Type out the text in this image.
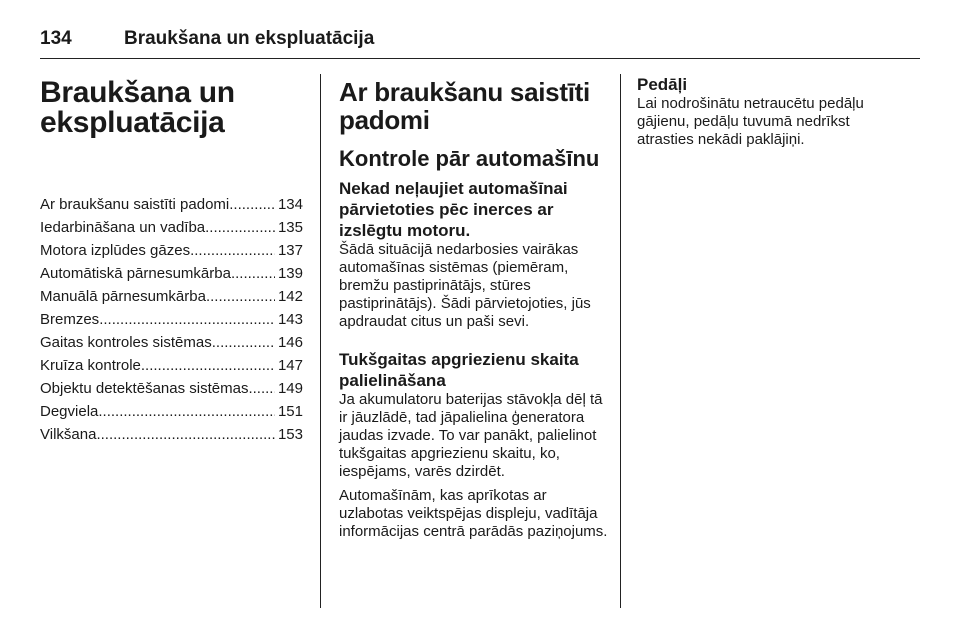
134	Braukšana un ekspluatācija
Braukšana un ekspluatācija
Ar braukšanu saistīti padomi .....	134
Iedarbināšana un vadība .....	135
Motora izplūdes gāzes .....	137
Automātiskā pārnesumkārba .....	139
Manuālā pārnesumkārba .....	142
Bremzes .....	143
Gaitas kontroles sistēmas .....	146
Kruīza kontrole .....	147
Objektu detektēšanas sistēmas ..... 149
Degviela .....	151
Vilkšana .....	153
Ar braukšanu saistīti padomi
Kontrole pār automašīnu
Nekad neļaujiet automašīnai pārvietoties pēc inerces ar izslēgtu motoru.
Šādā situācijā nedarbosies vairākas automašīnas sistēmas (piemēram, bremžu pastiprinātājs, stūres pastiprinātājs). Šādi pārvietojoties, jūs apdraudat citus un paši sevi.
Tukšgaitas apgriezienu skaita palielināšana
Ja akumulatoru baterijas stāvokļa dēļ tā ir jāuzlādē, tad jāpalielina ģeneratora jaudas izvade. To var panākt, palielinot tukšgaitas apgriezienu skaitu, ko, iespējams, varēs dzirdēt.
Automašīnām, kas aprīkotas ar uzlabotas veiktspējas displeju, vadītāja informācijas centrā parādās paziņojums.
Pedāļi
Lai nodrošinātu netraucētu pedāļu gājienu, pedāļu tuvumā nedrīkst atrasties nekādi paklājiņi.
